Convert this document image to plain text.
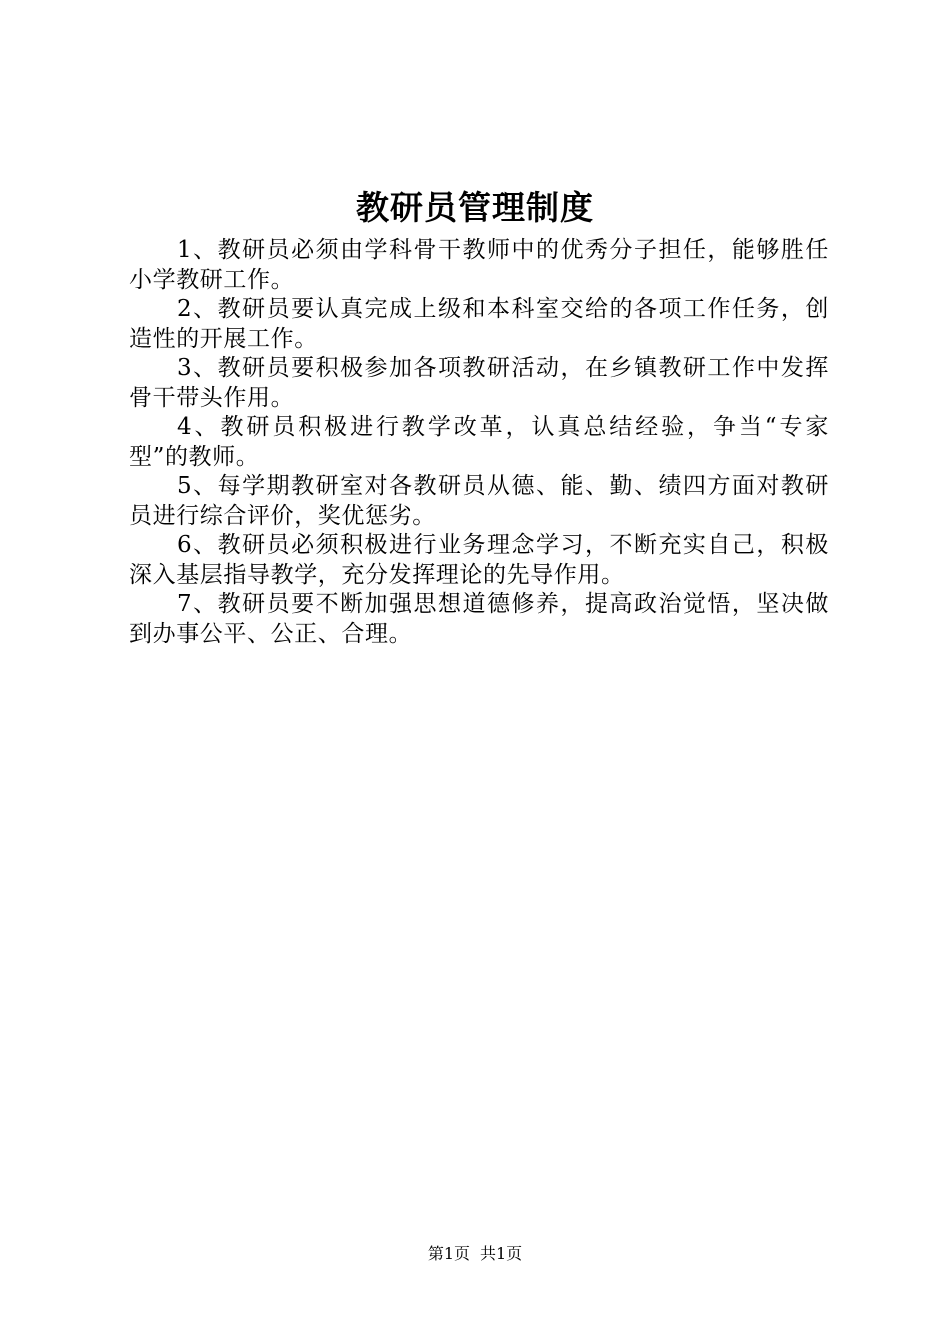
教研员管理制度

1、教研员必须由学科骨干教师中的优秀分子担任，能够胜任小学教研工作。

2、教研员要认真完成上级和本科室交给的各项工作任务，创造性的开展工作。

3、教研员要积极参加各项教研活动，在乡镇教研工作中发挥骨干带头作用。

4、教研员积极进行教学改革，认真总结经验，争当“专家型”的教师。

5、每学期教研室对各教研员从德、能、勤、绩四方面对教研员进行综合评价，奖优惩劣。

6、教研员必须积极进行业务理念学习，不断充实自己，积极深入基层指导教学，充分发挥理论的先导作用。

7、教研员要不断加强思想道德修养，提高政治觉悟，坚决做到办事公平、公正、合理。

第1页 共1页
